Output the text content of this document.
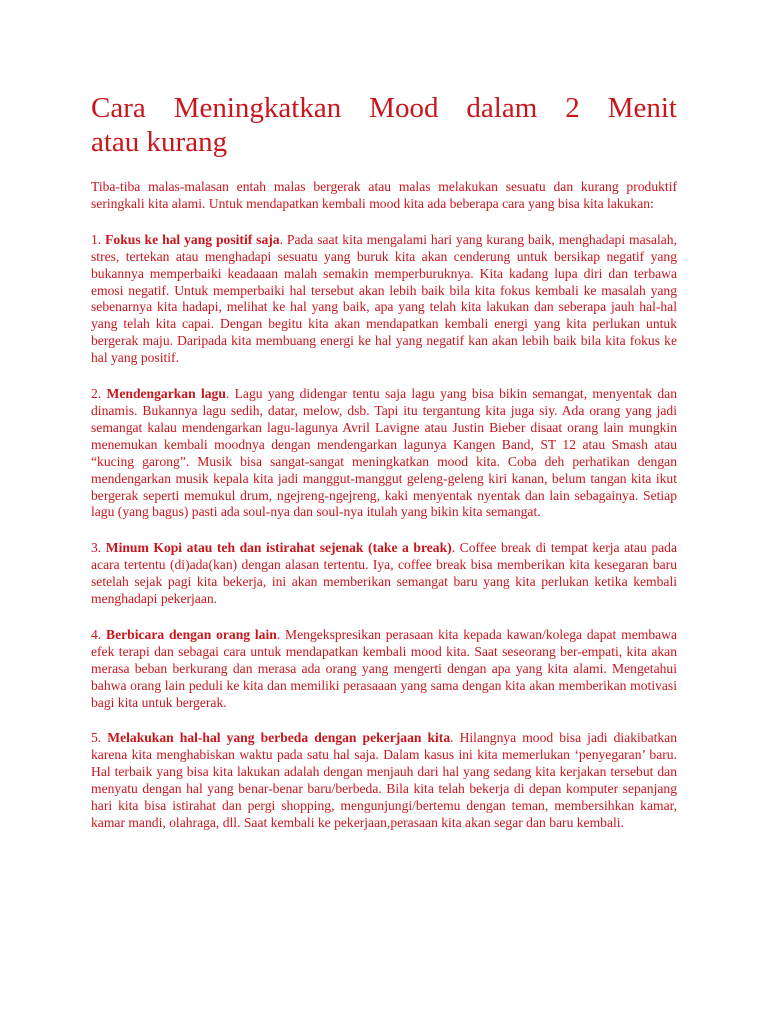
Cara Meningkatkan Mood dalam 2 Menit
atau kurang

Tiba-tiba malas-malasan entah malas bergerak atau malas melakukan sesuatu dan kurang produktif seringkali kita alami. Untuk mendapatkan kembali mood kita ada beberapa cara yang bisa kita lakukan:

1. Fokus ke hal yang positif saja. Pada saat kita mengalami hari yang kurang baik, menghadapi masalah, stres, tertekan atau menghadapi sesuatu yang buruk kita akan cenderung untuk bersikap negatif yang bukannya memperbaiki keadaaan malah semakin memperburuknya. Kita kadang lupa diri dan terbawa emosi negatif. Untuk memperbaiki hal tersebut akan lebih baik bila kita fokus kembali ke masalah yang sebenarnya kita hadapi, melihat ke hal yang baik, apa yang telah kita lakukan dan seberapa jauh hal-hal yang telah kita capai. Dengan begitu kita akan mendapatkan kembali energi yang kita perlukan untuk bergerak maju. Daripada kita membuang energi ke hal yang negatif kan akan lebih baik bila kita fokus ke hal yang positif.

2. Mendengarkan lagu. Lagu yang didengar tentu saja lagu yang bisa bikin semangat, menyentak dan dinamis. Bukannya lagu sedih, datar, melow, dsb. Tapi itu tergantung kita juga siy. Ada orang yang jadi semangat kalau mendengarkan lagu-lagunya Avril Lavigne atau Justin Bieber disaat orang lain mungkin menemukan kembali moodnya dengan mendengarkan lagunya Kangen Band, ST 12 atau Smash atau “kucing garong”. Musik bisa sangat-sangat meningkatkan mood kita. Coba deh perhatikan dengan mendengarkan musik kepala kita jadi manggut-manggut geleng-geleng kiri kanan, belum tangan kita ikut bergerak seperti memukul drum, ngejreng-ngejreng, kaki menyentak nyentak dan lain sebagainya. Setiap lagu (yang bagus) pasti ada soul-nya dan soul-nya itulah yang bikin kita semangat.

3. Minum Kopi atau teh dan istirahat sejenak (take a break). Coffee break di tempat kerja atau pada acara tertentu (di)ada(kan) dengan alasan tertentu. Iya, coffee break bisa memberikan kita kesegaran baru setelah sejak pagi kita bekerja, ini akan memberikan semangat baru yang kita perlukan ketika kembali menghadapi pekerjaan.

4. Berbicara dengan orang lain. Mengekspresikan perasaan kita kepada kawan/kolega dapat membawa efek terapi dan sebagai cara untuk mendapatkan kembali mood kita. Saat seseorang ber-empati, kita akan merasa beban berkurang dan merasa ada orang yang mengerti dengan apa yang kita alami. Mengetahui bahwa orang lain peduli ke kita dan memiliki perasaaan yang sama dengan kita akan memberikan motivasi bagi kita untuk bergerak.

5. Melakukan hal-hal yang berbeda dengan pekerjaan kita. Hilangnya mood bisa jadi diakibatkan karena kita menghabiskan waktu pada satu hal saja. Dalam kasus ini kita memerlukan ‘penyegaran’ baru. Hal terbaik yang bisa kita lakukan adalah dengan menjauh dari hal yang sedang kita kerjakan tersebut dan menyatu dengan hal yang benar-benar baru/berbeda. Bila kita telah bekerja di depan komputer sepanjang hari kita bisa istirahat dan pergi shopping, mengunjungi/bertemu dengan teman, membersihkan kamar, kamar mandi, olahraga, dll. Saat kembali ke pekerjaan,perasaan kita akan segar dan baru kembali.
